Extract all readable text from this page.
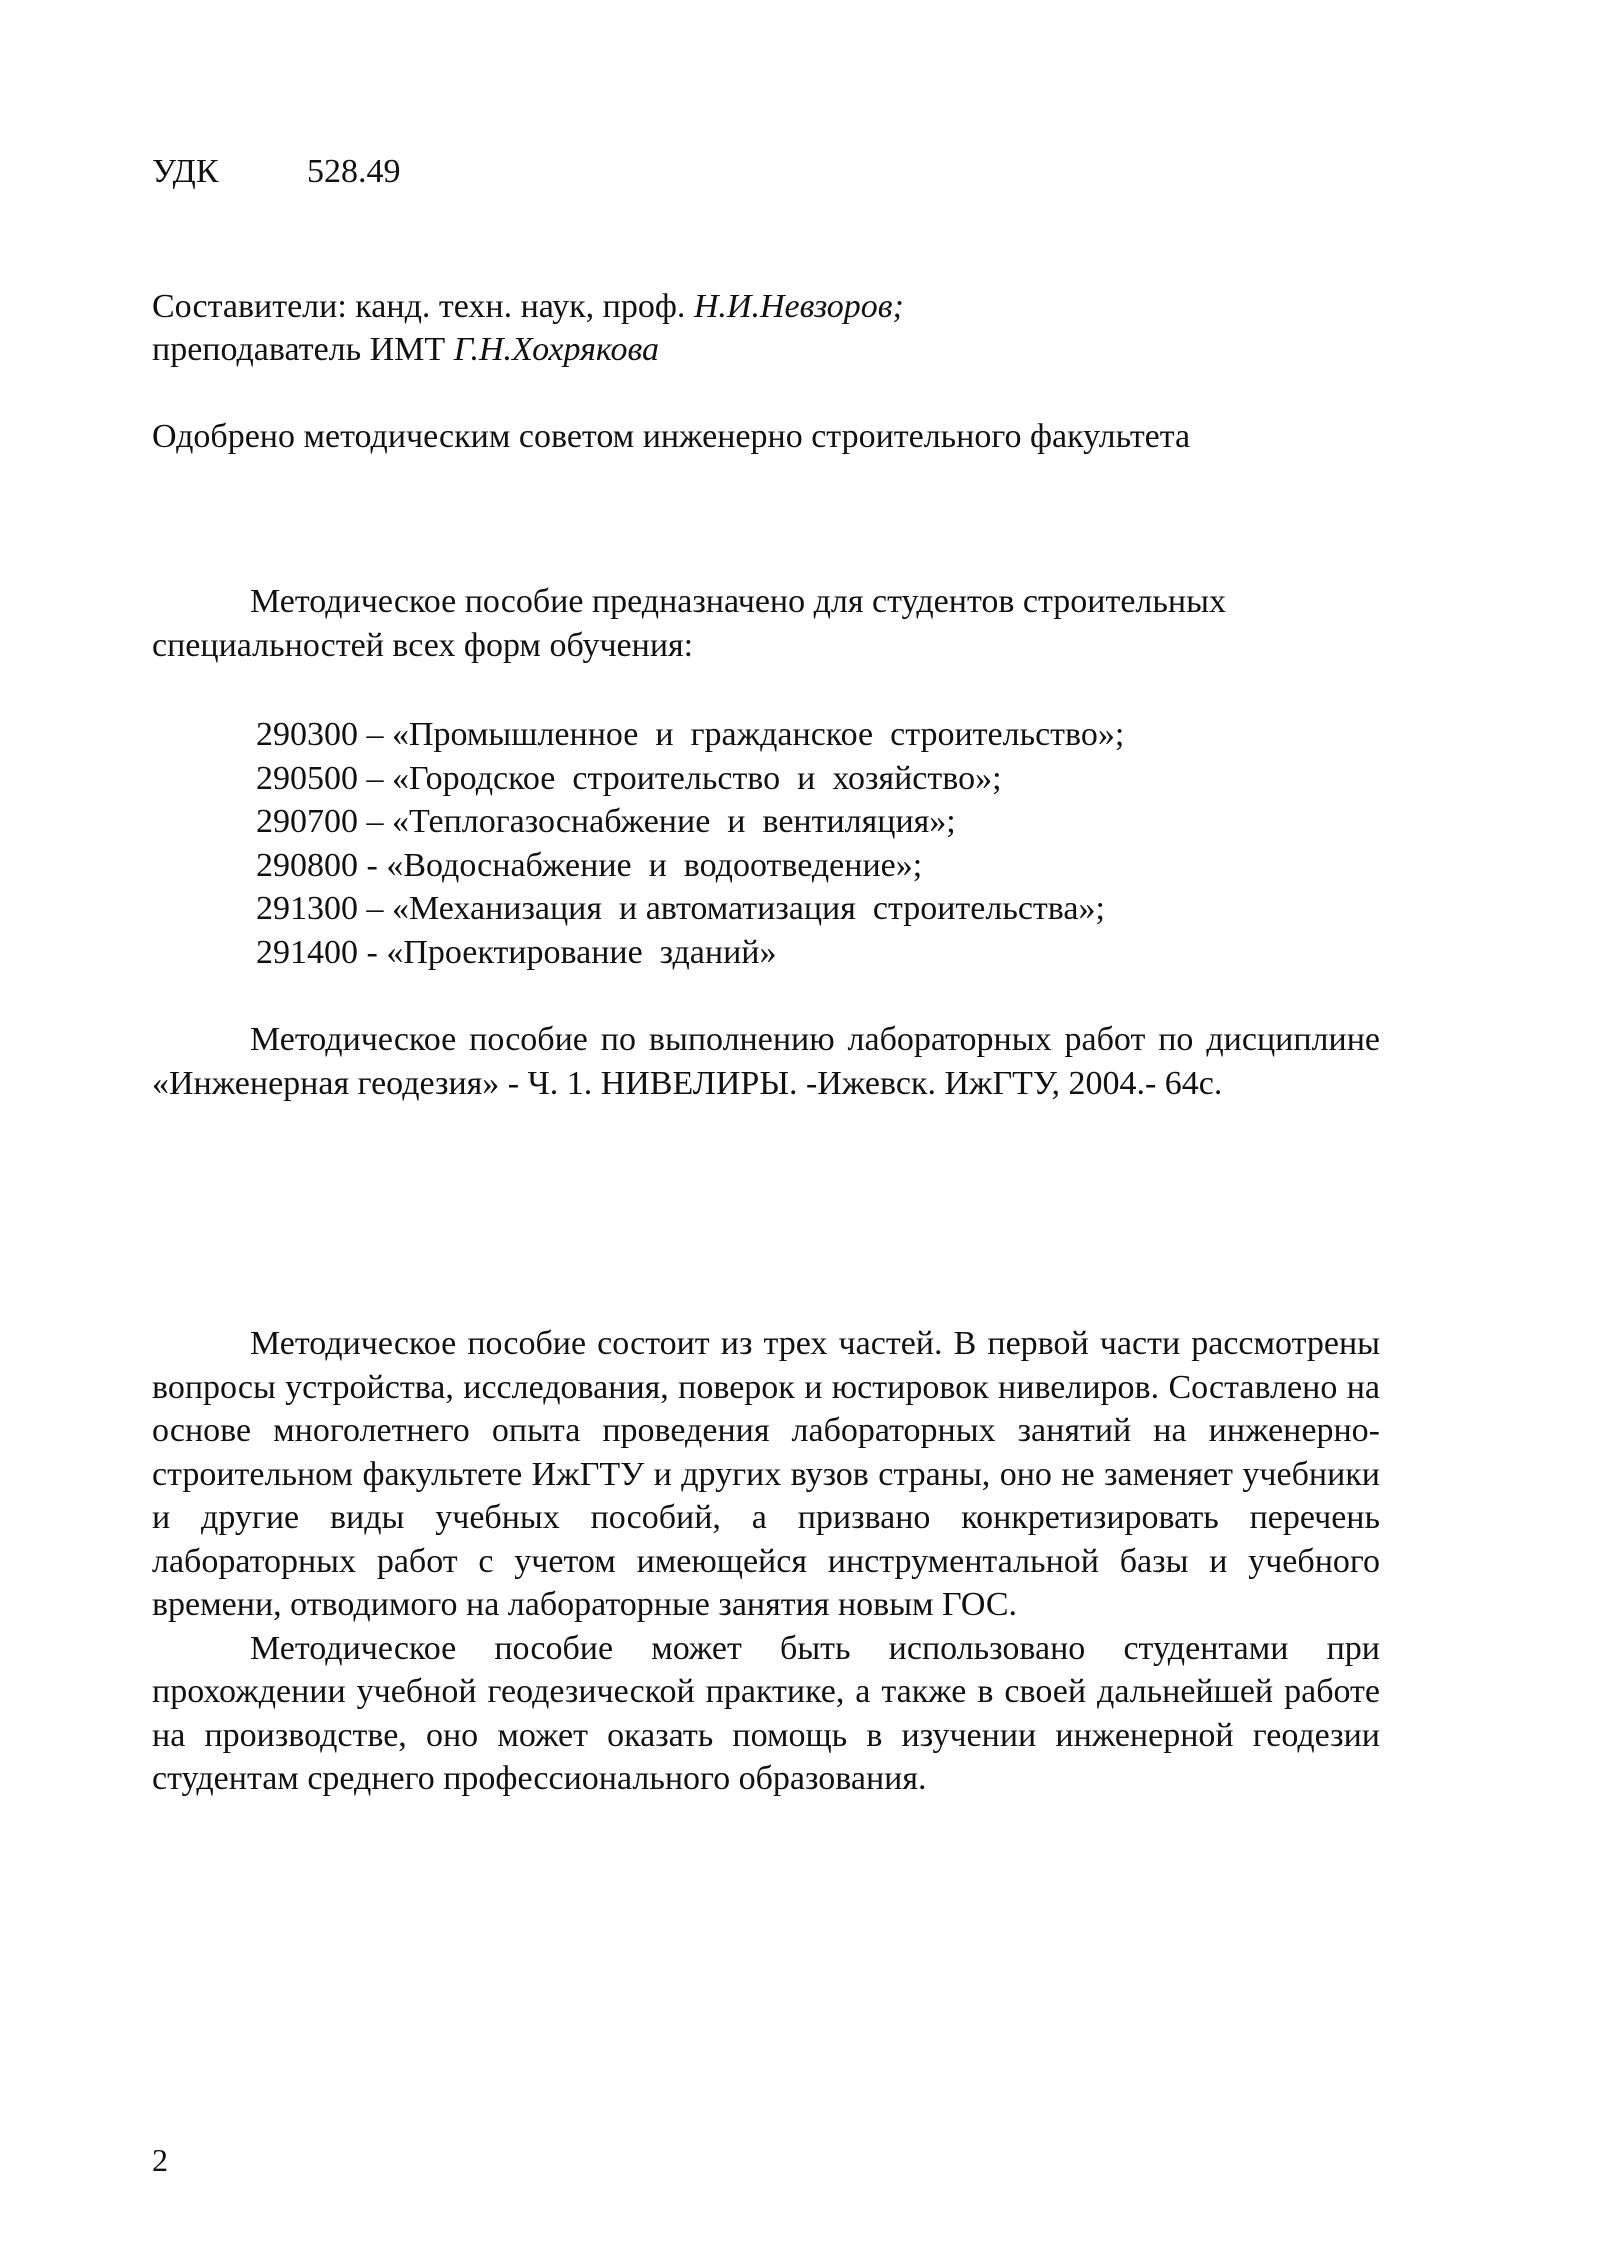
УДК	528.49

Составители: канд. техн. наук, проф. Н.И.Невзоров;

преподаватель ИМТ Г.Н.Хохрякова

Одобрено методическим советом инженерно строительного факультета
Методическое пособие предназначено для студентов строительных
специальностей всех форм обучения:

290300 – «Промышленное  и  гражданское  строительство»;

290500 – «Городское  строительство  и  хозяйство»;

290700 – «Теплогазоснабжение  и  вентиляция»;

290800 - «Водоснабжение  и  водоотведение»;

291300 – «Механизация  и автоматизация  строительства»;

291400 - «Проектирование  зданий»

Методическое пособие по выполнению лабораторных работ по дисциплине «Инженерная геодезия» - Ч. 1. НИВЕЛИРЫ. -Ижевск. ИжГТУ, 2004.- 64с.

Методическое пособие состоит из трех частей. В первой части рассмотрены вопросы устройства, исследования, поверок и юстировок нивелиров. Составлено на основе многолетнего опыта проведения лабораторных занятий на инженерно-строительном факультете ИжГТУ и других вузов страны, оно не заменяет учебники и другие виды учебных пособий, а призвано конкретизировать перечень лабораторных работ с учетом имеющейся инструментальной базы и учебного времени, отводимого на лабораторные занятия новым ГОС.

Методическое пособие может быть использовано студентами при прохождении учебной геодезической практике, а также в своей дальнейшей работе на производстве, оно может оказать помощь в изучении инженерной геодезии студентам среднего профессионального образования.

2
